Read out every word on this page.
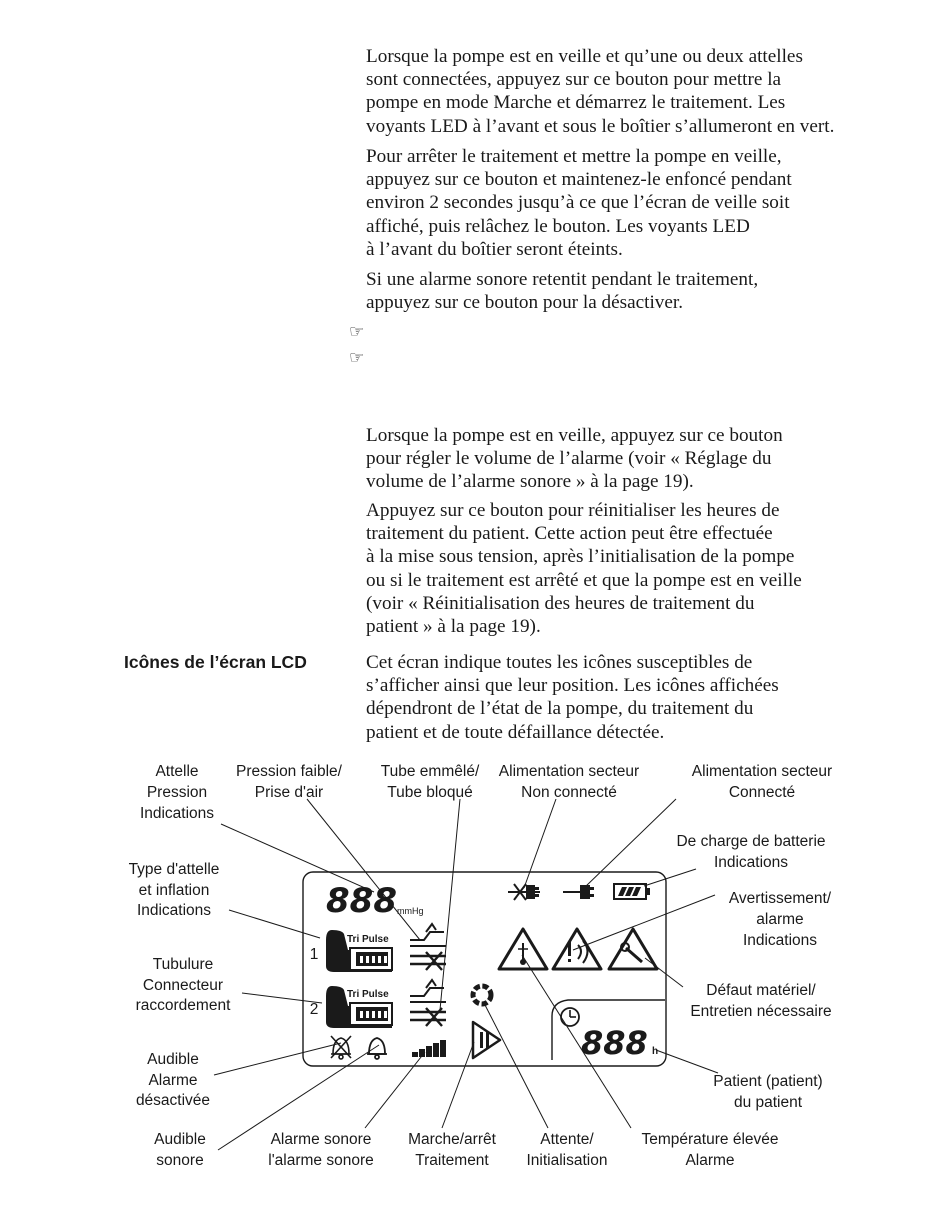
Lorsque la pompe est en veille et qu’une ou deux attelles
sont connectées, appuyez sur ce bouton pour mettre la
pompe en mode Marche et démarrez le traitement. Les
voyants LED à l’avant et sous le boîtier s’allumeront en vert.

Pour arrêter le traitement et mettre la pompe en veille,
appuyez sur ce bouton et maintenez-le enfoncé pendant
environ 2 secondes jusqu’à ce que l’écran de veille soit
affiché, puis relâchez le bouton. Les voyants LED
à l’avant du boîtier seront éteints.

Si une alarme sonore retentit pendant le traitement,
appuyez sur ce bouton pour la désactiver.

☞
☞

Lorsque la pompe est en veille, appuyez sur ce bouton
pour régler le volume de l’alarme (voir « Réglage du
volume de l’alarme sonore » à la page 19).

Appuyez sur ce bouton pour réinitialiser les heures de
traitement du patient. Cette action peut être effectuée
à la mise sous tension, après l’initialisation de la pompe
ou si le traitement est arrêté et que la pompe est en veille
(voir « Réinitialisation des heures de traitement du
patient » à la page 19).

Icônes de l’écran LCD	Cet écran indique toutes les icônes susceptibles de
s’afficher ainsi que leur position. Les icônes affichées
dépendront de l’état de la pompe, du traitement du
patient et de toute défaillance détectée.

888 mmHg
Tri Pulse
1
Tri Pulse
2
888 h
Attelle
Pression
Indications
Pression faible/
Prise d'air
Tube emmêlé/
Tube bloqué
Alimentation secteur
Non connecté
Alimentation secteur
Connecté
De charge de batterie
Indications
Type d'attelle
et inflation
Indications
Avertissement/
alarme
Indications
Tubulure
Connecteur
raccordement
Défaut matériel/
Entretien nécessaire
Audible
Alarme
désactivée
Patient (patient)
du patient
Audible
sonore
Alarme sonore
l'alarme sonore
Marche/arrêt
Traitement
Attente/
Initialisation
Température élevée
Alarme
